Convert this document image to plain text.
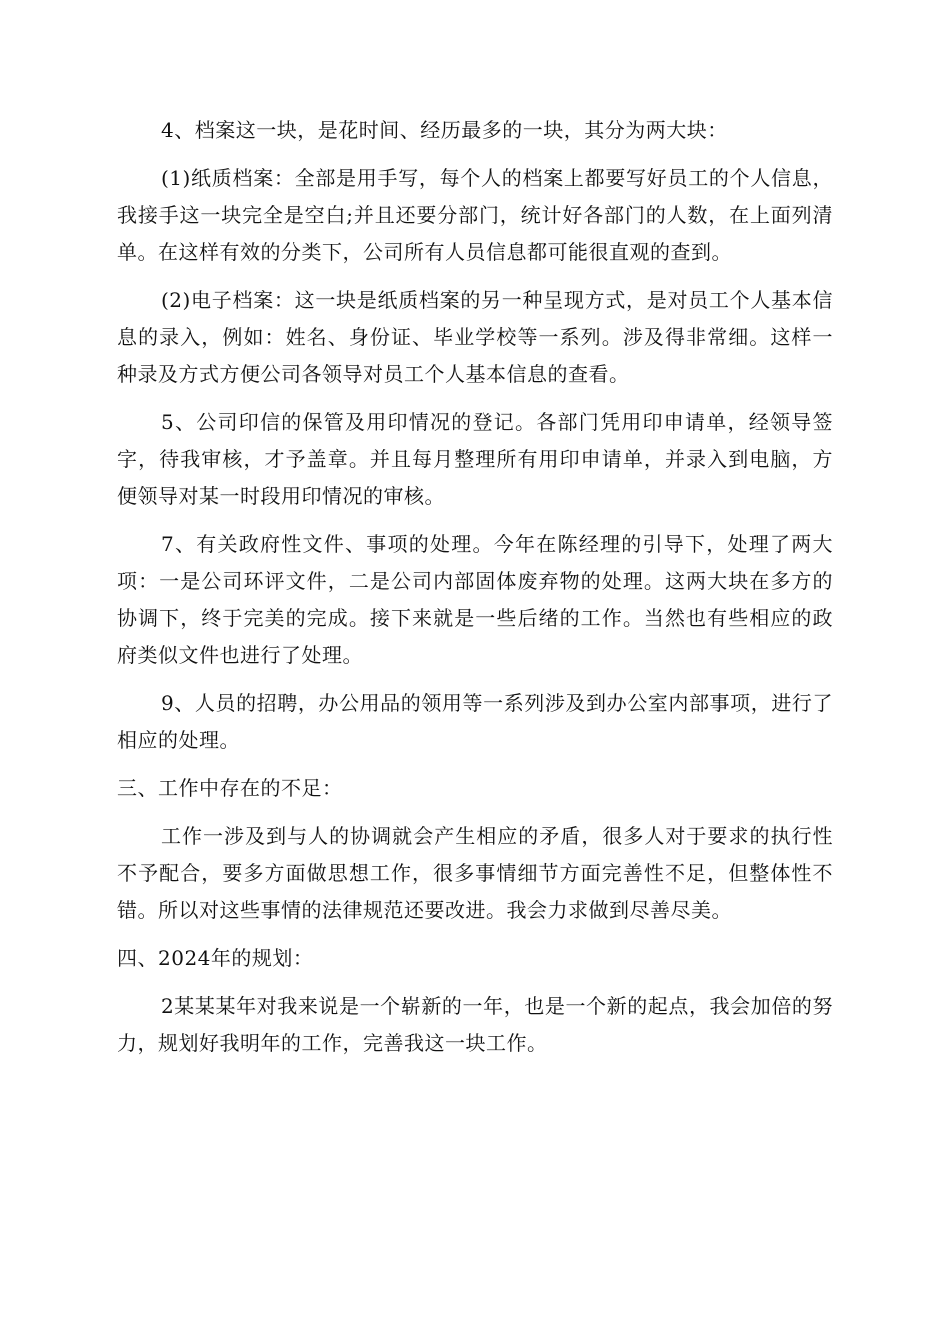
4、档案这一块，是花时间、经历最多的一块，其分为两大块：

(1)纸质档案：全部是用手写，每个人的档案上都要写好员工的个人信息，我接手这一块完全是空白;并且还要分部门，统计好各部门的人数，在上面列清单。在这样有效的分类下，公司所有人员信息都可能很直观的查到。

(2)电子档案：这一块是纸质档案的另一种呈现方式，是对员工个人基本信息的录入，例如：姓名、身份证、毕业学校等一系列。涉及得非常细。这样一种录及方式方便公司各领导对员工个人基本信息的查看。

5、公司印信的保管及用印情况的登记。各部门凭用印申请单，经领导签字，待我审核，才予盖章。并且每月整理所有用印申请单，并录入到电脑，方便领导对某一时段用印情况的审核。

7、有关政府性文件、事项的处理。今年在陈经理的引导下，处理了两大项：一是公司环评文件，二是公司内部固体废弃物的处理。这两大块在多方的协调下，终于完美的完成。接下来就是一些后绪的工作。当然也有些相应的政府类似文件也进行了处理。

9、人员的招聘，办公用品的领用等一系列涉及到办公室内部事项，进行了相应的处理。

三、工作中存在的不足：

工作一涉及到与人的协调就会产生相应的矛盾，很多人对于要求的执行性不予配合，要多方面做思想工作，很多事情细节方面完善性不足，但整体性不错。所以对这些事情的法律规范还要改进。我会力求做到尽善尽美。

四、2024年的规划：

2某某某年对我来说是一个崭新的一年，也是一个新的起点，我会加倍的努力，规划好我明年的工作，完善我这一块工作。
